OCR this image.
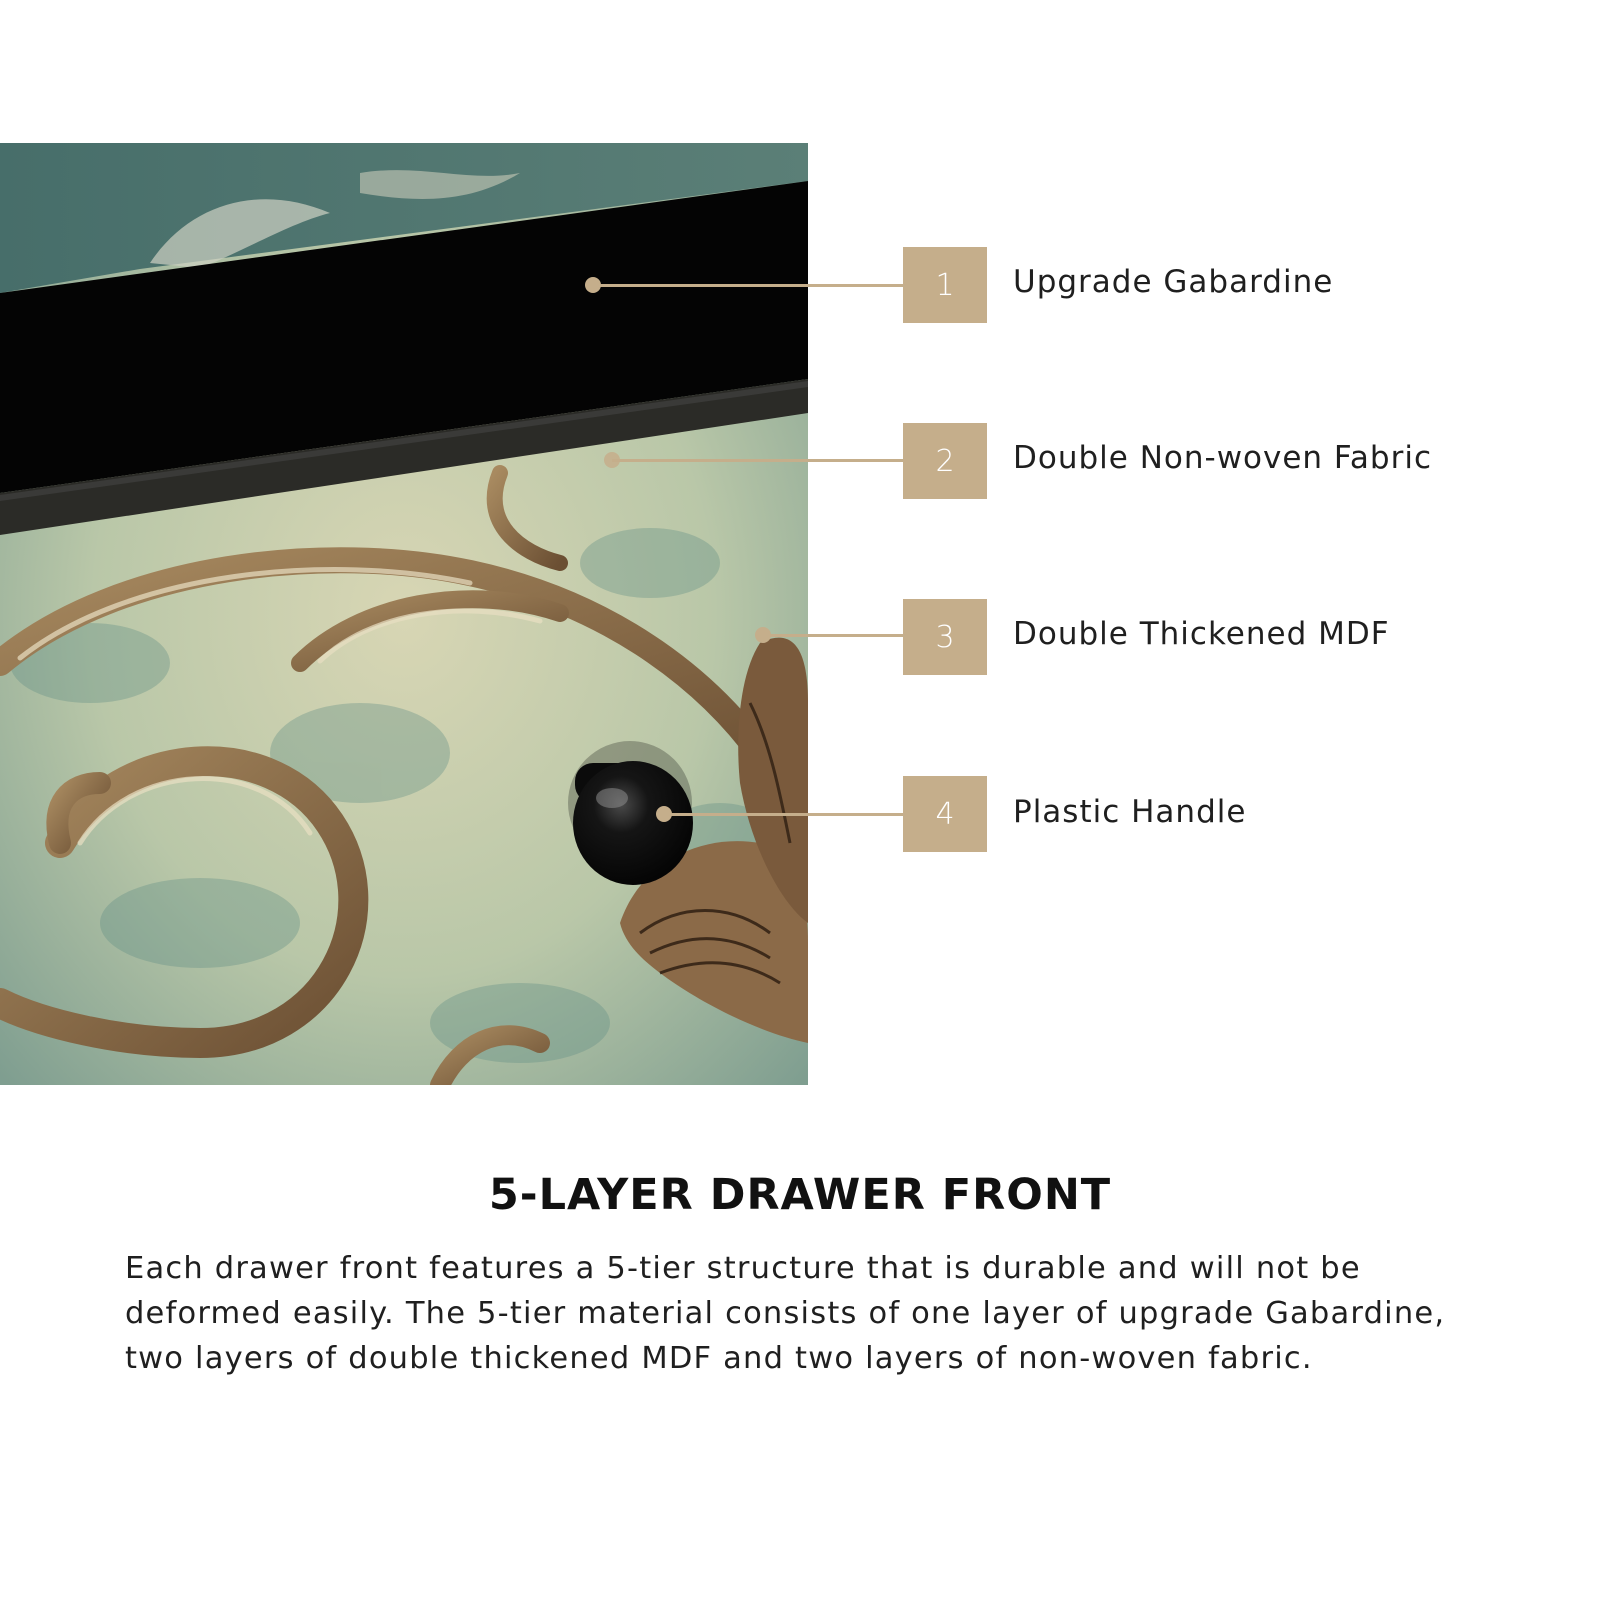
1 Upgrade Gabardine
2 Double Non-woven Fabric
3 Double Thickened MDF
4 Plastic Handle
5-LAYER DRAWER FRONT
Each drawer front features a 5-tier structure that is durable and will not be deformed easily. The 5-tier material consists of one layer of upgrade Gabardine, two layers of double thickened MDF and two layers of non-woven fabric.
